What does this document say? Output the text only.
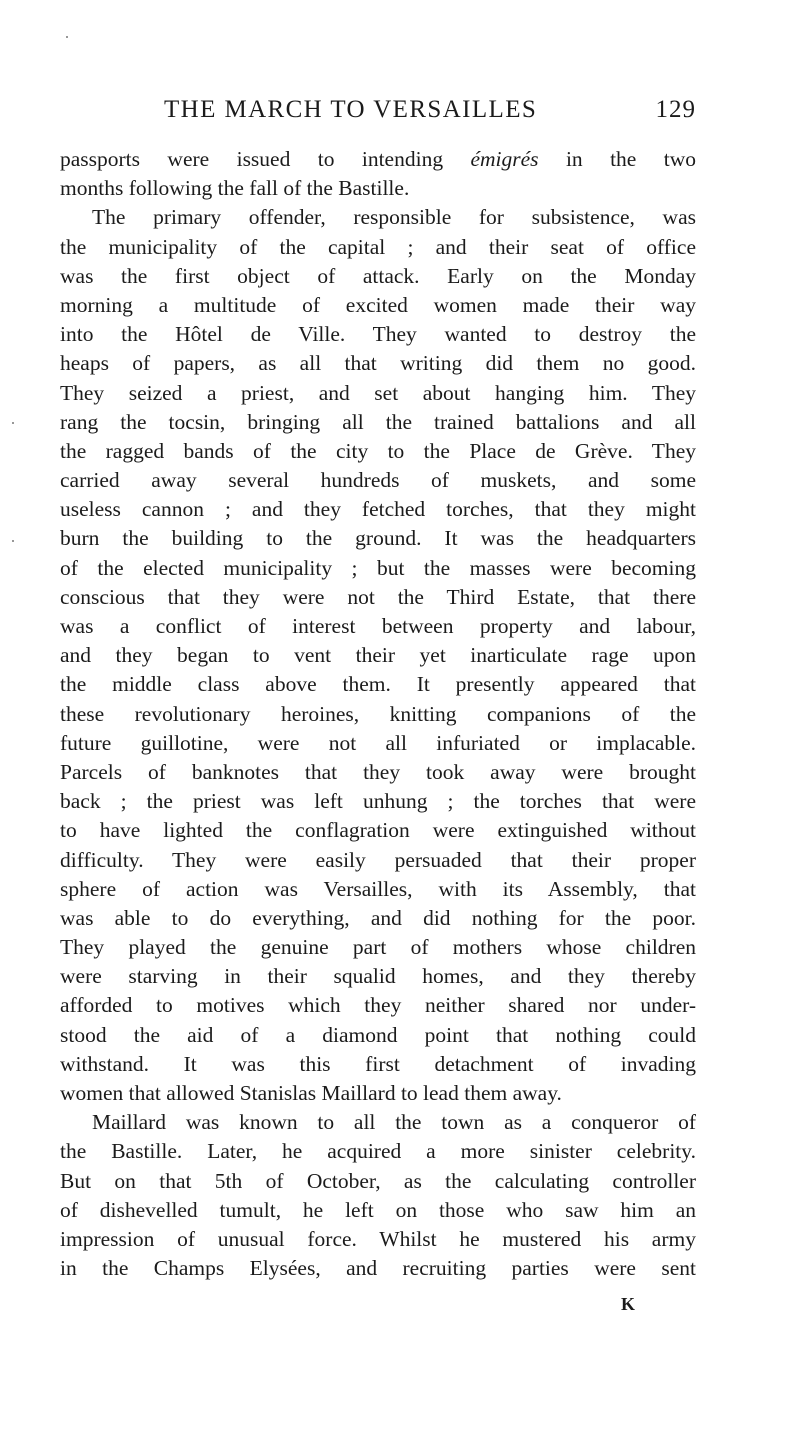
THE MARCH TO VERSAILLES	129
passports were issued to intending émigrés in the two
months following the fall of the Bastille.
The primary offender, responsible for subsistence, was
the municipality of the capital ; and their seat of office
was the first object of attack. Early on the Monday
morning a multitude of excited women made their way
into the Hôtel de Ville. They wanted to destroy the
heaps of papers, as all that writing did them no good.
They seized a priest, and set about hanging him. They
rang the tocsin, bringing all the trained battalions and all
the ragged bands of the city to the Place de Grève. They
carried away several hundreds of muskets, and some
useless cannon ; and they fetched torches, that they might
burn the building to the ground. It was the headquarters
of the elected municipality ; but the masses were becoming
conscious that they were not the Third Estate, that there
was a conflict of interest between property and labour,
and they began to vent their yet inarticulate rage upon
the middle class above them. It presently appeared that
these revolutionary heroines, knitting companions of the
future guillotine, were not all infuriated or implacable.
Parcels of banknotes that they took away were brought
back ; the priest was left unhung ; the torches that were
to have lighted the conflagration were extinguished without
difficulty. They were easily persuaded that their proper
sphere of action was Versailles, with its Assembly, that
was able to do everything, and did nothing for the poor.
They played the genuine part of mothers whose children
were starving in their squalid homes, and they thereby
afforded to motives which they neither shared nor under-
stood the aid of a diamond point that nothing could
withstand. It was this first detachment of invading
women that allowed Stanislas Maillard to lead them away.
Maillard was known to all the town as a conqueror of
the Bastille. Later, he acquired a more sinister celebrity.
But on that 5th of October, as the calculating controller
of dishevelled tumult, he left on those who saw him an
impression of unusual force. Whilst he mustered his army
in the Champs Elysées, and recruiting parties were sent
K
